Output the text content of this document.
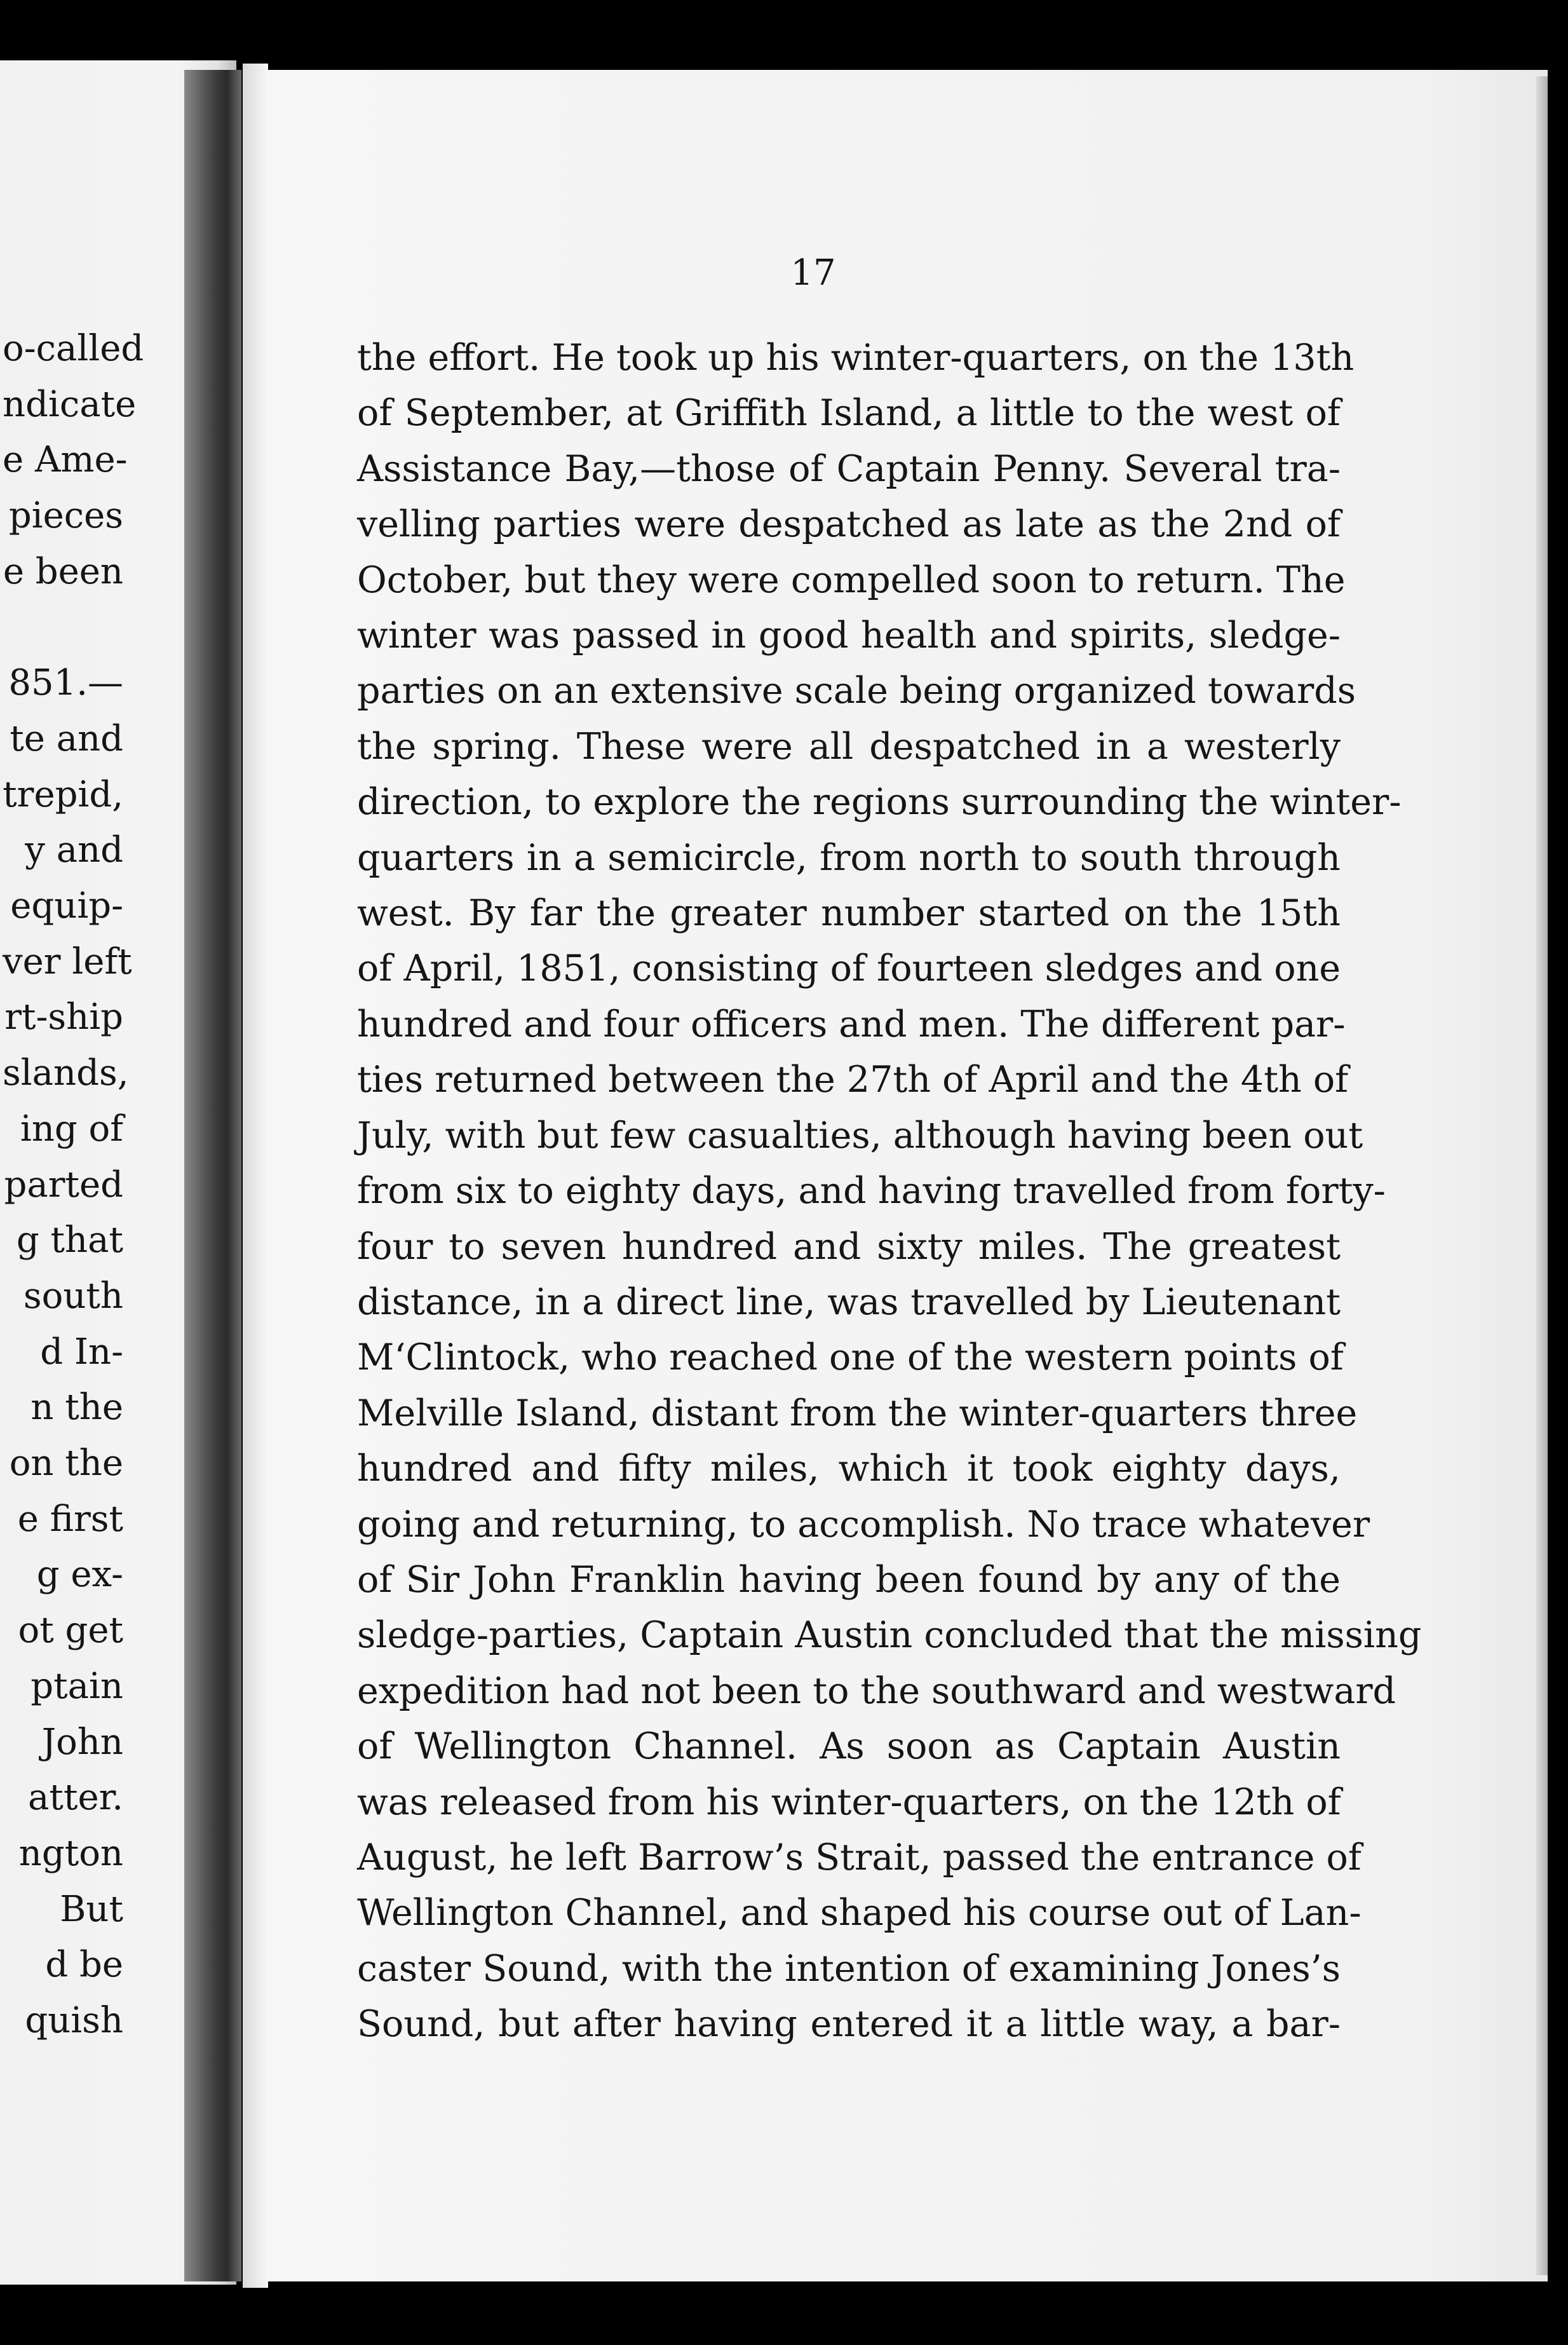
o-called
ndicate
e Ame-
pieces
e been

851.—
te and
trepid,
y and
equip-
ver left
rt-ship
slands,
ing of
parted
g that
south
d In-
n the
on the
e first
g ex-
ot get
ptain
John
atter.
ngton
But
d be
quish
17
the effort. He took up his winter-quarters, on the 13th
of September, at Griffith Island, a little to the west of
Assistance Bay,—those of Captain Penny. Several tra-
velling parties were despatched as late as the 2nd of
October, but they were compelled soon to return. The
winter was passed in good health and spirits, sledge-
parties on an extensive scale being organized towards
the spring. These were all despatched in a westerly
direction, to explore the regions surrounding the winter-
quarters in a semicircle, from north to south through
west. By far the greater number started on the 15th
of April, 1851, consisting of fourteen sledges and one
hundred and four officers and men. The different par-
ties returned between the 27th of April and the 4th of
July, with but few casualties, although having been out
from six to eighty days, and having travelled from forty-
four to seven hundred and sixty miles. The greatest
distance, in a direct line, was travelled by Lieutenant
M‘Clintock, who reached one of the western points of
Melville Island, distant from the winter-quarters three
hundred and fifty miles, which it took eighty days,
going and returning, to accomplish. No trace whatever
of Sir John Franklin having been found by any of the
sledge-parties, Captain Austin concluded that the missing
expedition had not been to the southward and westward
of Wellington Channel. As soon as Captain Austin
was released from his winter-quarters, on the 12th of
August, he left Barrow’s Strait, passed the entrance of
Wellington Channel, and shaped his course out of Lan-
caster Sound, with the intention of examining Jones’s
Sound, but after having entered it a little way, a bar-
